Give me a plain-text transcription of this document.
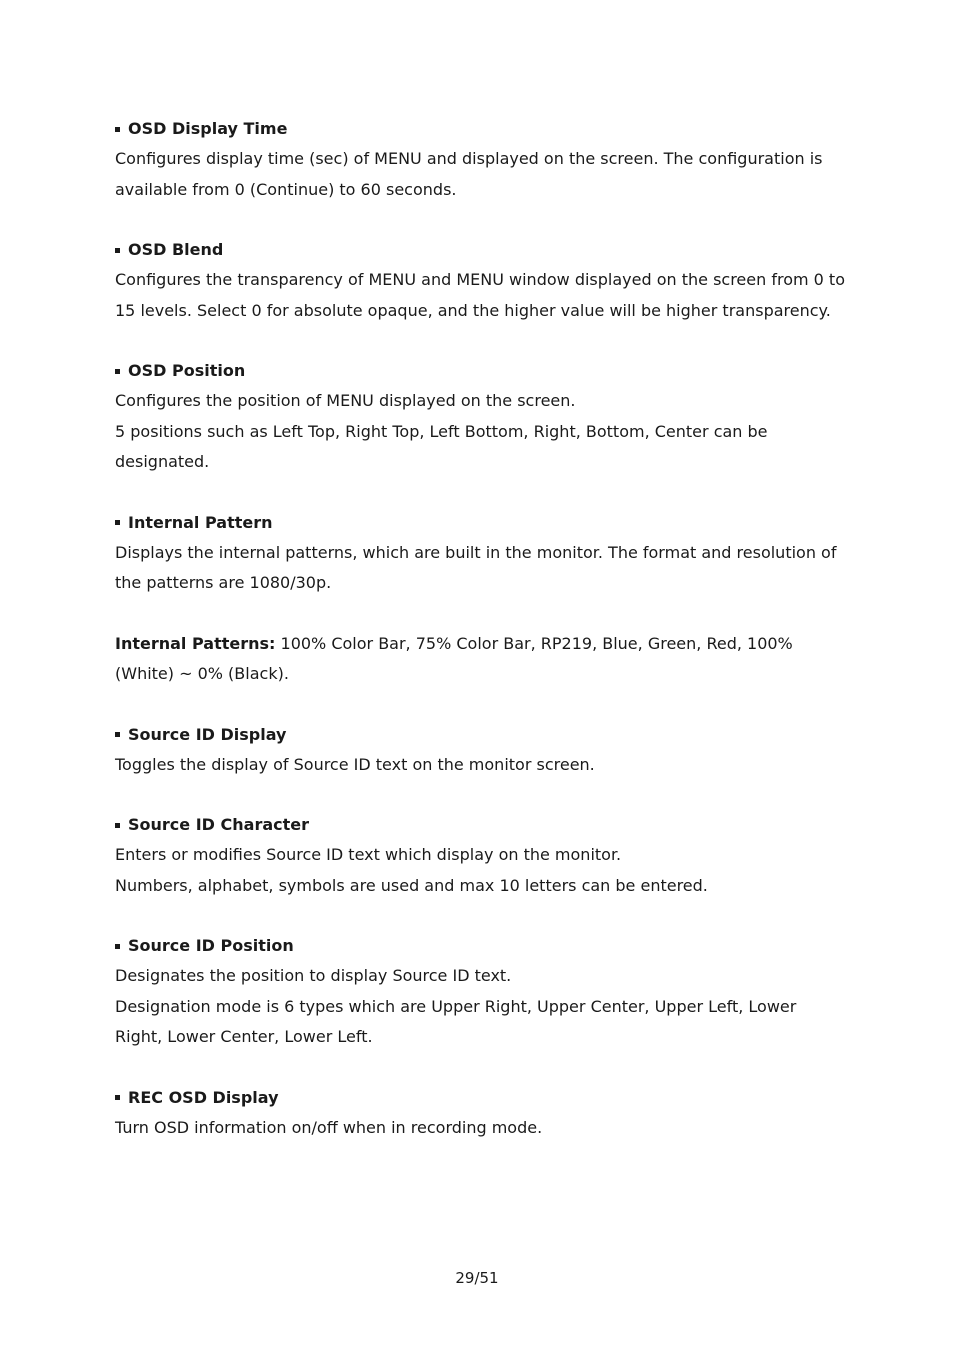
OSD Display Time

Configures display time (sec) of MENU and displayed on the screen. The configuration is available from 0 (Continue) to 60 seconds.

OSD Blend

Configures the transparency of MENU and MENU window displayed on the screen from 0 to 15 levels. Select 0 for absolute opaque, and the higher value will be higher transparency.

OSD Position

Configures the position of MENU displayed on the screen.

5 positions such as Left Top, Right Top, Left Bottom, Right, Bottom, Center can be designated.

Internal Pattern

Displays the internal patterns, which are built in the monitor. The format and resolution of the patterns are 1080/30p.

Internal Patterns: 100% Color Bar, 75% Color Bar, RP219, Blue, Green, Red, 100% (White) ~ 0% (Black).

Source ID Display

Toggles the display of Source ID text on the monitor screen.

Source ID Character

Enters or modifies Source ID text which display on the monitor.

Numbers, alphabet, symbols are used and max 10 letters can be entered.

Source ID Position

Designates the position to display Source ID text.

Designation mode is 6 types which are Upper Right, Upper Center, Upper Left, Lower Right, Lower Center, Lower Left.

REC OSD Display

Turn OSD information on/off when in recording mode.

29/51
